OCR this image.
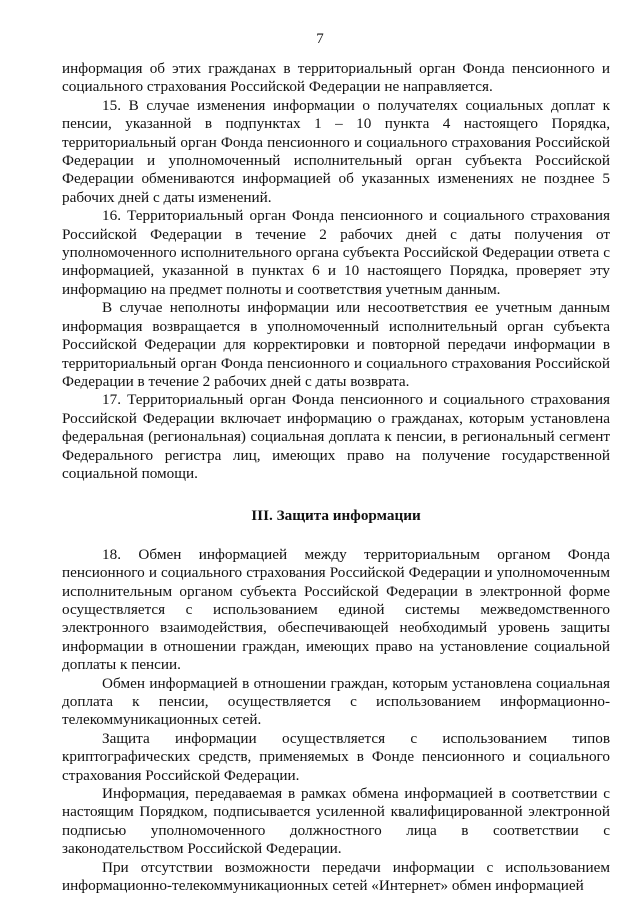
7

информация об этих гражданах в территориальный орган Фонда пенсионного и социального страхования Российской Федерации не направляется.

15. В случае изменения информации о получателях социальных доплат к пенсии, указанной в подпунктах 1 – 10 пункта 4 настоящего Порядка, территориальный орган Фонда пенсионного и социального страхования Российской Федерации и уполномоченный исполнительный орган субъекта Российской Федерации обмениваются информацией об указанных изменениях не позднее 5 рабочих дней с даты изменений.

16. Территориальный орган Фонда пенсионного и социального страхования Российской Федерации в течение 2 рабочих дней с даты получения от уполномоченного исполнительного органа субъекта Российской Федерации ответа с информацией, указанной в пунктах 6 и 10 настоящего Порядка, проверяет эту информацию на предмет полноты и соответствия учетным данным.

В случае неполноты информации или несоответствия ее учетным данным информация возвращается в уполномоченный исполнительный орган субъекта Российской Федерации для корректировки и повторной передачи информации в территориальный орган Фонда пенсионного и социального страхования Российской Федерации в течение 2 рабочих дней с даты возврата.

17. Территориальный орган Фонда пенсионного и социального страхования Российской Федерации включает информацию о гражданах, которым установлена федеральная (региональная) социальная доплата к пенсии, в региональный сегмент Федерального регистра лиц, имеющих право на получение государственной социальной помощи.

III. Защита информации

18. Обмен информацией между территориальным органом Фонда пенсионного и социального страхования Российской Федерации и уполномоченным исполнительным органом субъекта Российской Федерации в электронной форме осуществляется с использованием единой системы межведомственного электронного взаимодействия, обеспечивающей необходимый уровень защиты информации в отношении граждан, имеющих право на установление социальной доплаты к пенсии.

Обмен информацией в отношении граждан, которым установлена социальная доплата к пенсии, осуществляется с использованием информационно-телекоммуникационных сетей.

Защита информации осуществляется с использованием типов криптографических средств, применяемых в Фонде пенсионного и социального страхования Российской Федерации.

Информация, передаваемая в рамках обмена информацией в соответствии с настоящим Порядком, подписывается усиленной квалифицированной электронной подписью уполномоченного должностного лица в соответствии с законодательством Российской Федерации.

При отсутствии возможности передачи информации с использованием информационно-телекоммуникационных сетей «Интернет» обмен информацией
